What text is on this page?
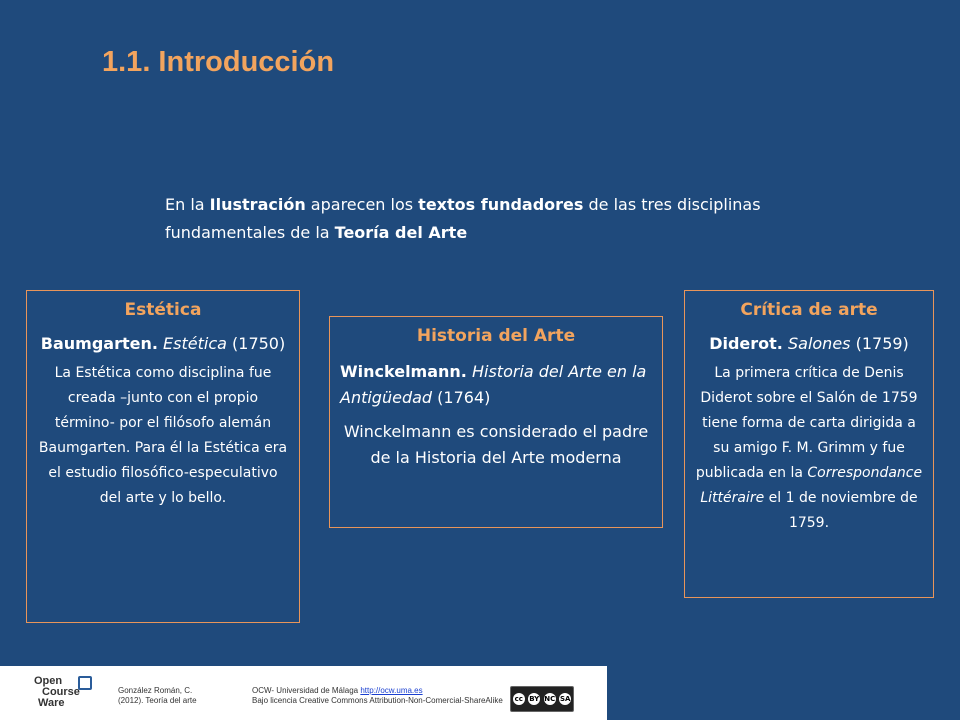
1.1. Introducción

En la Ilustración aparecen los textos fundadores de las tres disciplinas fundamentales de la Teoría del Arte

Estética

Baumgarten. Estética (1750)

La Estética como disciplina fue creada –junto con el propio término- por el filósofo alemán Baumgarten. Para él la Estética era el estudio filosófico-especulativo del arte y lo bello.

Historia del Arte

Winckelmann. Historia del Arte en la Antigüedad (1764)

Winckelmann es considerado el padre de la Historia del Arte moderna

Crítica de arte

Diderot. Salones (1759)

La primera crítica de Denis Diderot sobre el Salón de 1759 tiene forma de carta dirigida a su amigo F. M. Grimm y fue publicada en la Correspondance Littéraire el 1 de noviembre de 1759.

Open
Course
Ware
González Román, C.
(2012). Teoría del arte
OCW- Universidad de Málaga http://ocw.uma.es
Bajo licencia Creative Commons Attribution-Non-Comercial-ShareAlike cc BY NC SA
